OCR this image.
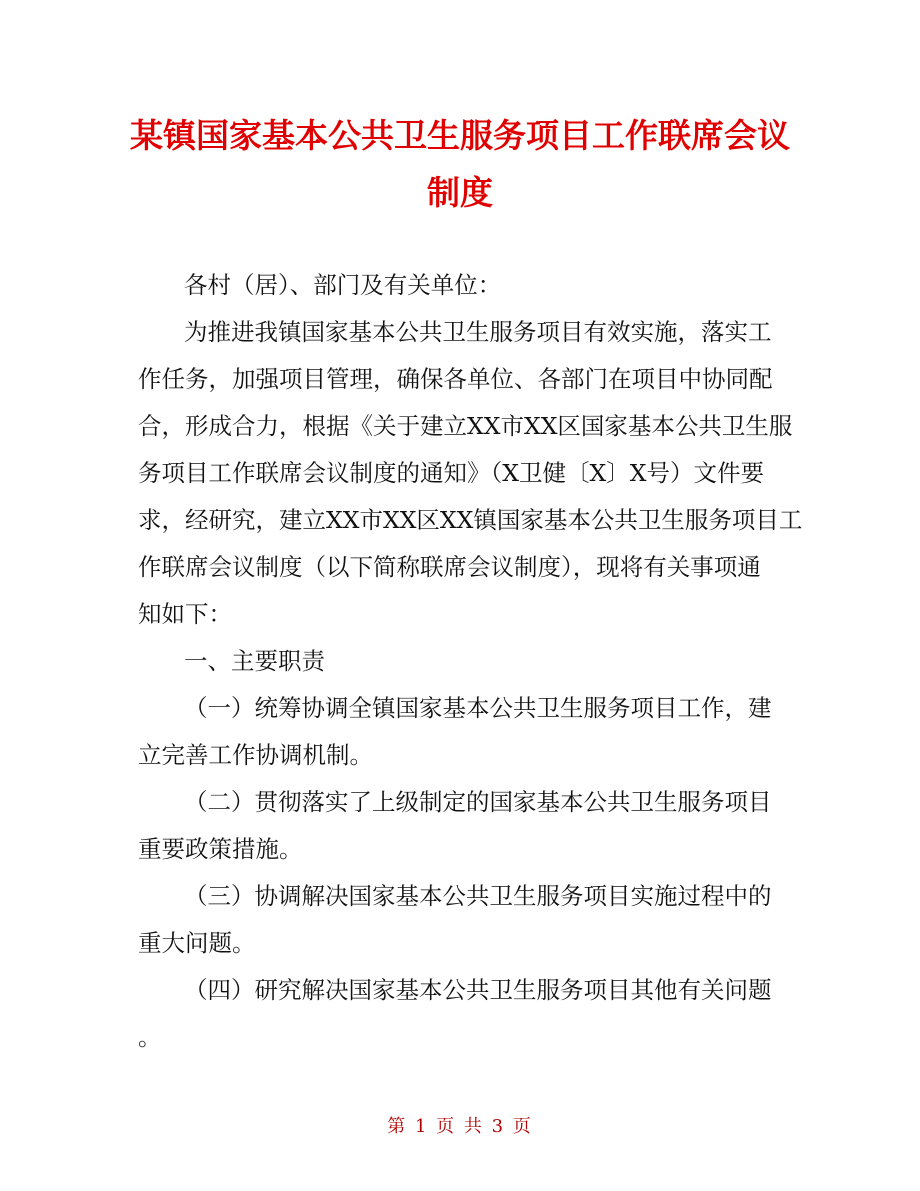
某镇国家基本公共卫生服务项目工作联席会议
制度

各村（居）、部门及有关单位：

为推进我镇国家基本公共卫生服务项目有效实施，落实工

作任务，加强项目管理，确保各单位、各部门在项目中协同配

合，形成合力，根据《关于建立XX市XX区国家基本公共卫生服

务项目工作联席会议制度的通知》（X卫健〔X〕X号）文件要

求，经研究，建立XX市XX区XX镇国家基本公共卫生服务项目工

作联席会议制度（以下简称联席会议制度），现将有关事项通

知如下：

一、主要职责

（一）统筹协调全镇国家基本公共卫生服务项目工作，建

立完善工作协调机制。

（二）贯彻落实了上级制定的国家基本公共卫生服务项目

重要政策措施。

（三）协调解决国家基本公共卫生服务项目实施过程中的

重大问题。

（四）研究解决国家基本公共卫生服务项目其他有关问题

。

第 1 页 共 3 页
